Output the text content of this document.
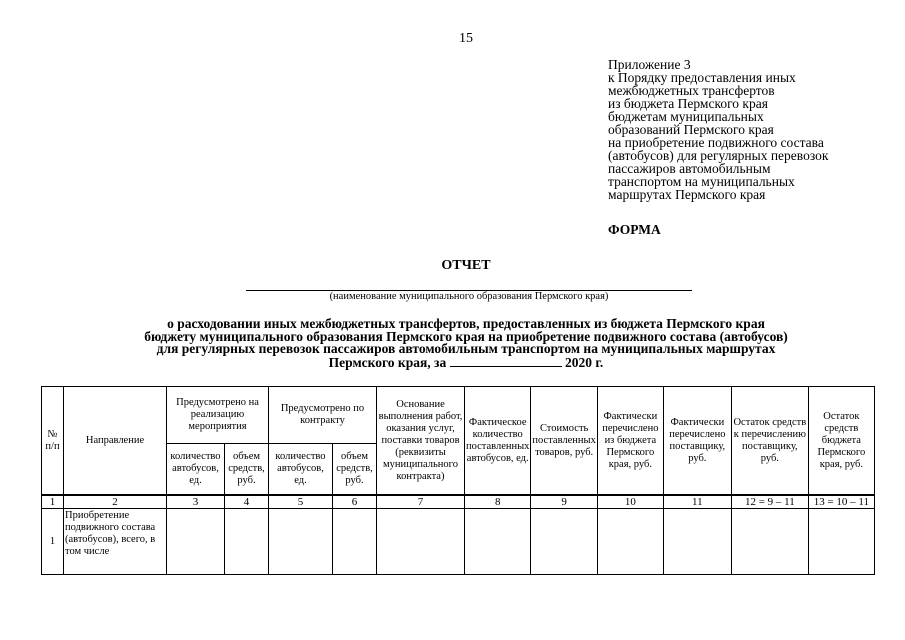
15
Приложение 3
к Порядку предоставления иных
межбюджетных трансфертов
из бюджета Пермского края
бюджетам муниципальных
образований Пермского края
на приобретение подвижного состава
(автобусов) для регулярных перевозок
пассажиров автомобильным
транспортом на муниципальных
маршрутах Пермского края
ФОРМА
ОТЧЕТ
(наименование муниципального образования Пермского края)
о расходовании иных межбюджетных трансфертов, предоставленных из бюджета Пермского края
бюджету муниципального образования Пермского края на приобретение подвижного состава (автобусов)
для регулярных перевозок пассажиров автомобильным транспортом на муниципальных маршрутах
Пермского края, за	2020 г.
№ п/п	Направление	Предусмотрено на реализацию мероприятия		Предусмотрено по контракту		Основание выполнения работ, оказания услуг, поставки товаров (реквизиты муниципального контракта)	Фактическое количество поставленных автобусов, ед.	Стоимость поставленных товаров, руб.	Фактически перечислено из бюджета Пермского края, руб.	Фактически перечислено поставщику, руб.	Остаток средств к перечислению поставщику, руб.	Остаток средств бюджета Пермского края, руб.
		количество автобусов, ед.	объем средств, руб.	количество автобусов, ед.	объем средств, руб.							
1	2	3	4	5	6	7	8	9	10	11	12 = 9 – 11	13 = 10 – 11
1	Приобретение подвижного состава (автобусов), всего, в том числе											
